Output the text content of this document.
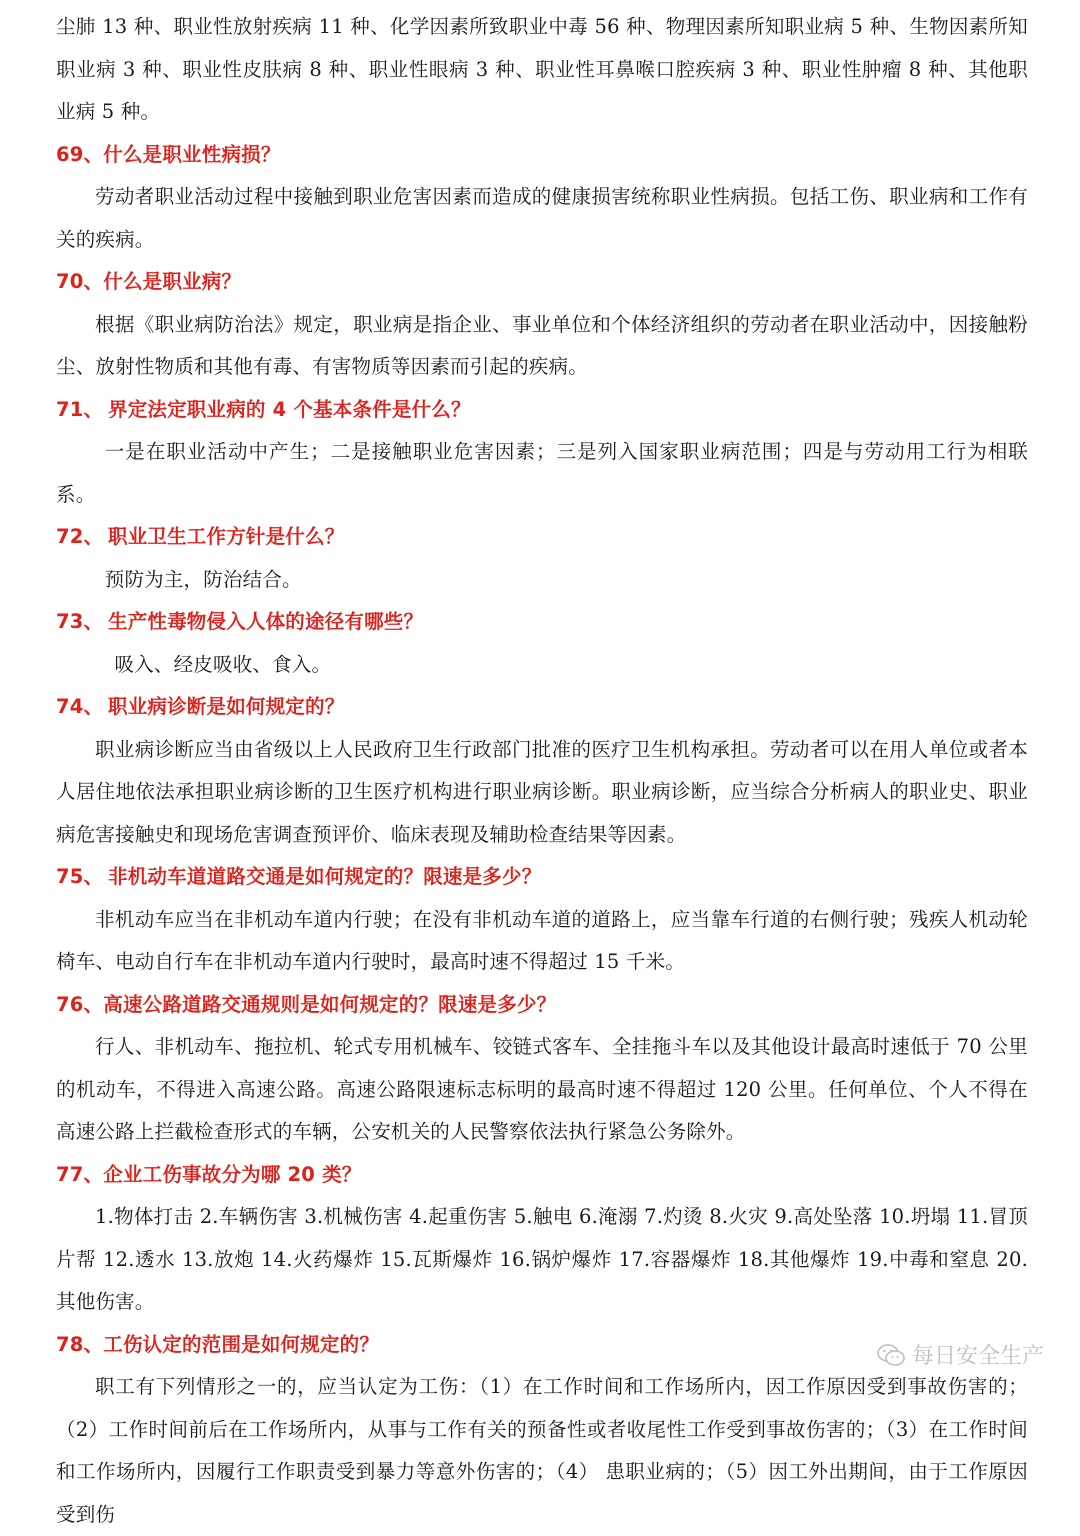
尘肺 13 种、职业性放射疾病 11 种、化学因素所致职业中毒 56 种、物理因素所知职业病 5 种、生物因素所知职业病 3 种、职业性皮肤病 8 种、职业性眼病 3 种、职业性耳鼻喉口腔疾病 3 种、职业性肿瘤 8 种、其他职业病 5 种。

69、什么是职业性病损？

劳动者职业活动过程中接触到职业危害因素而造成的健康损害统称职业性病损。包括工伤、职业病和工作有关的疾病。

70、什么是职业病？

根据《职业病防治法》规定，职业病是指企业、事业单位和个体经济组织的劳动者在职业活动中，因接触粉尘、放射性物质和其他有毒、有害物质等因素而引起的疾病。

71、 界定法定职业病的 4 个基本条件是什么？

一是在职业活动中产生；二是接触职业危害因素；三是列入国家职业病范围；四是与劳动用工行为相联系。

72、 职业卫生工作方针是什么？

预防为主，防治结合。

73、 生产性毒物侵入人体的途径有哪些？

吸入、经皮吸收、食入。

74、 职业病诊断是如何规定的？

职业病诊断应当由省级以上人民政府卫生行政部门批准的医疗卫生机构承担。劳动者可以在用人单位或者本人居住地依法承担职业病诊断的卫生医疗机构进行职业病诊断。职业病诊断，应当综合分析病人的职业史、职业病危害接触史和现场危害调查预评价、临床表现及辅助检查结果等因素。

75、 非机动车道道路交通是如何规定的？限速是多少？

非机动车应当在非机动车道内行驶；在没有非机动车道的道路上，应当靠车行道的右侧行驶；残疾人机动轮椅车、电动自行车在非机动车道内行驶时，最高时速不得超过 15 千米。

76、高速公路道路交通规则是如何规定的？限速是多少？

行人、非机动车、拖拉机、轮式专用机械车、铰链式客车、全挂拖斗车以及其他设计最高时速低于 70 公里的机动车，不得进入高速公路。高速公路限速标志标明的最高时速不得超过 120 公里。任何单位、个人不得在高速公路上拦截检查形式的车辆，公安机关的人民警察依法执行紧急公务除外。

77、企业工伤事故分为哪 20 类？

1.物体打击 2.车辆伤害 3.机械伤害 4.起重伤害 5.触电 6.淹溺 7.灼烫 8.火灾 9.高处坠落 10.坍塌 11.冒顶片帮 12.透水 13.放炮 14.火药爆炸 15.瓦斯爆炸 16.锅炉爆炸 17.容器爆炸 18.其他爆炸 19.中毒和窒息 20.其他伤害。

78、工伤认定的范围是如何规定的？

职工有下列情形之一的，应当认定为工伤：（1）在工作时间和工作场所内，因工作原因受到事故伤害的；（2）工作时间前后在工作场所内，从事与工作有关的预备性或者收尾性工作受到事故伤害的；（3）在工作时间和工作场所内，因履行工作职责受到暴力等意外伤害的；（4） 患职业病的；（5）因工外出期间，由于工作原因受到伤

每日安全生产
